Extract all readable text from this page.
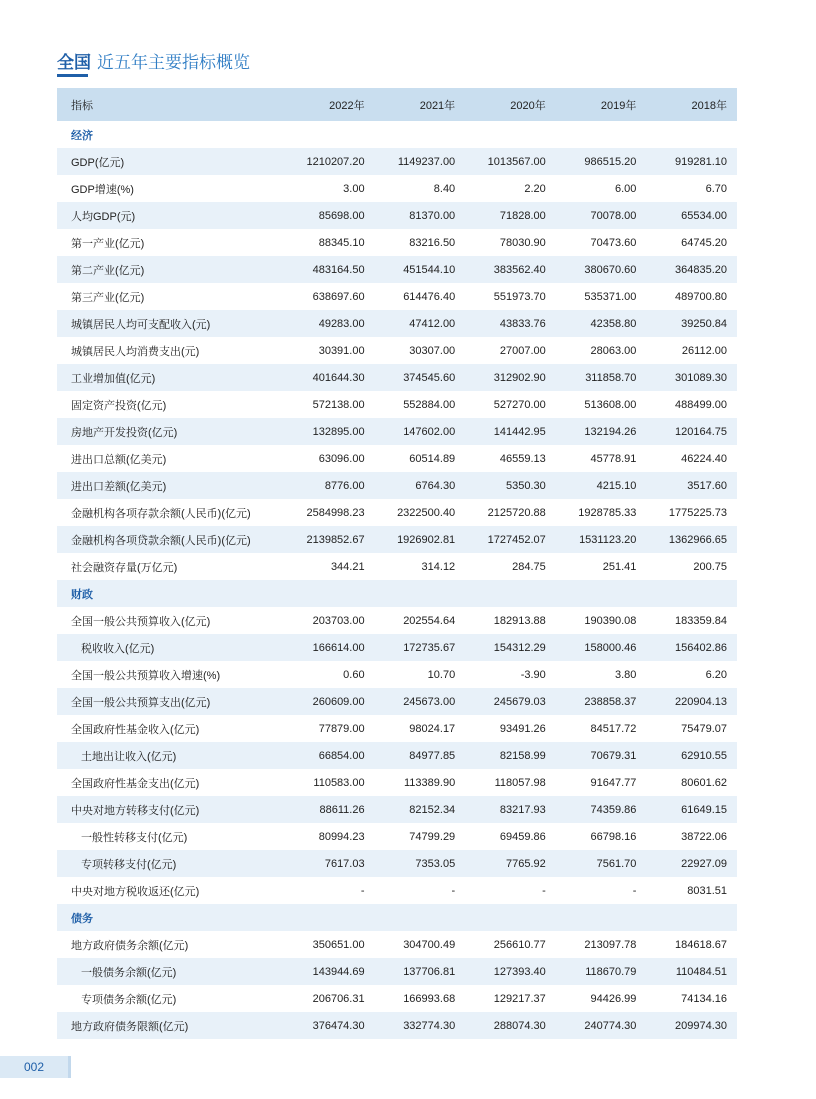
全国 近五年主要指标概览
指标	2022年	2021年	2020年	2019年	2018年
经济					
GDP(亿元)	1210207.20	1149237.00	1013567.00	986515.20	919281.10
GDP增速(%)	3.00	8.40	2.20	6.00	6.70
人均GDP(元)	85698.00	81370.00	71828.00	70078.00	65534.00
第一产业(亿元)	88345.10	83216.50	78030.90	70473.60	64745.20
第二产业(亿元)	483164.50	451544.10	383562.40	380670.60	364835.20
第三产业(亿元)	638697.60	614476.40	551973.70	535371.00	489700.80
城镇居民人均可支配收入(元)	49283.00	47412.00	43833.76	42358.80	39250.84
城镇居民人均消费支出(元)	30391.00	30307.00	27007.00	28063.00	26112.00
工业增加值(亿元)	401644.30	374545.60	312902.90	311858.70	301089.30
固定资产投资(亿元)	572138.00	552884.00	527270.00	513608.00	488499.00
房地产开发投资(亿元)	132895.00	147602.00	141442.95	132194.26	120164.75
进出口总额(亿美元)	63096.00	60514.89	46559.13	45778.91	46224.40
进出口差额(亿美元)	8776.00	6764.30	5350.30	4215.10	3517.60
金融机构各项存款余额(人民币)(亿元)	2584998.23	2322500.40	2125720.88	1928785.33	1775225.73
金融机构各项贷款余额(人民币)(亿元)	2139852.67	1926902.81	1727452.07	1531123.20	1362966.65
社会融资存量(万亿元)	344.21	314.12	284.75	251.41	200.75
财政					
全国一般公共预算收入(亿元)	203703.00	202554.64	182913.88	190390.08	183359.84
税收收入(亿元)	166614.00	172735.67	154312.29	158000.46	156402.86
全国一般公共预算收入增速(%)	0.60	10.70	-3.90	3.80	6.20
全国一般公共预算支出(亿元)	260609.00	245673.00	245679.03	238858.37	220904.13
全国政府性基金收入(亿元)	77879.00	98024.17	93491.26	84517.72	75479.07
土地出让收入(亿元)	66854.00	84977.85	82158.99	70679.31	62910.55
全国政府性基金支出(亿元)	110583.00	113389.90	118057.98	91647.77	80601.62
中央对地方转移支付(亿元)	88611.26	82152.34	83217.93	74359.86	61649.15
一般性转移支付(亿元)	80994.23	74799.29	69459.86	66798.16	38722.06
专项转移支付(亿元)	7617.03	7353.05	7765.92	7561.70	22927.09
中央对地方税收返还(亿元)	-	-	-	-	8031.51
债务					
地方政府债务余额(亿元)	350651.00	304700.49	256610.77	213097.78	184618.67
一般债务余额(亿元)	143944.69	137706.81	127393.40	118670.79	110484.51
专项债务余额(亿元)	206706.31	166993.68	129217.37	94426.99	74134.16
地方政府债务限额(亿元)	376474.30	332774.30	288074.30	240774.30	209974.30
002
